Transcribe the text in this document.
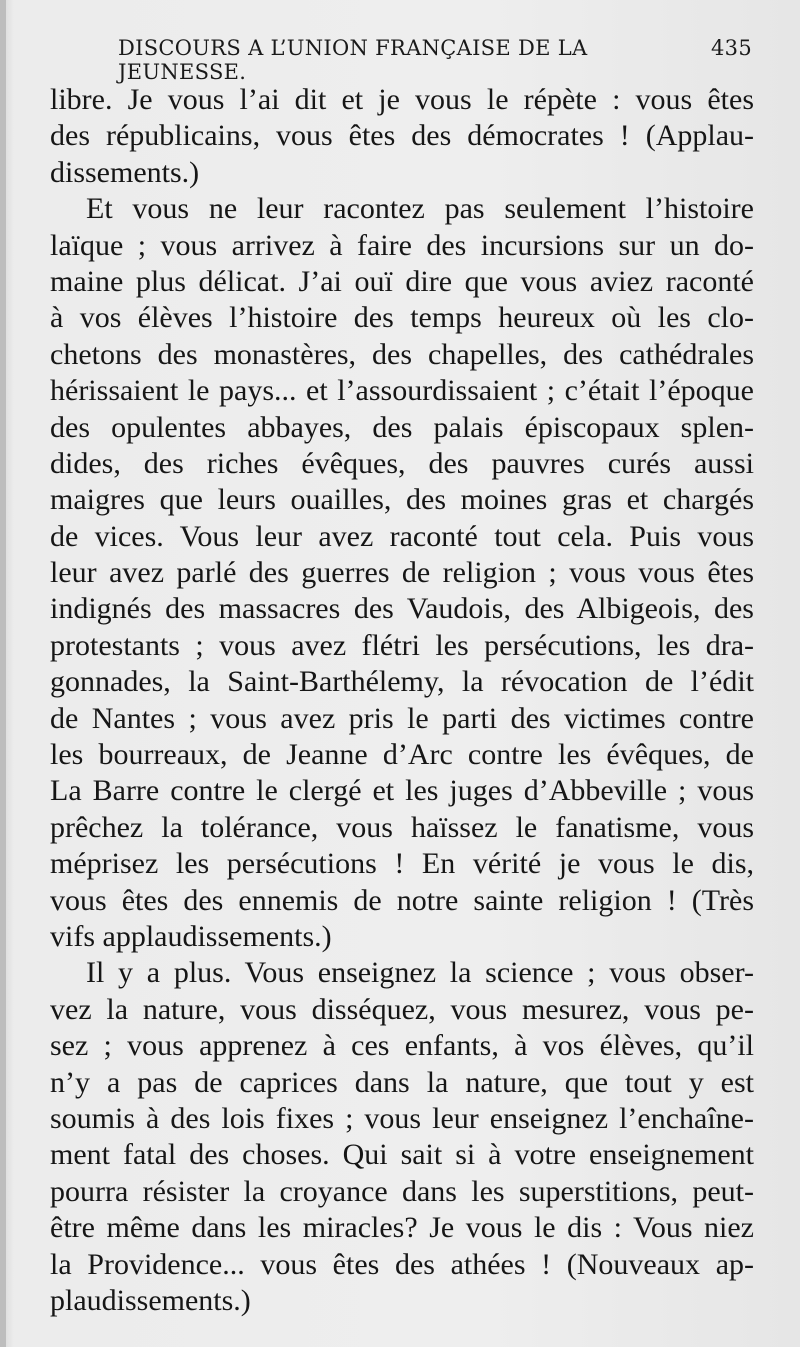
DISCOURS A L’UNION FRANÇAISE DE LA JEUNESSE.
435
libre. Je vous l’ai dit et je vous le répète : vous êtes
des républicains, vous êtes des démocrates ! (Applau-
dissements.)
Et vous ne leur racontez pas seulement l’histoire
laïque ; vous arrivez à faire des incursions sur un do-
maine plus délicat. J’ai ouï dire que vous aviez raconté
à vos élèves l’histoire des temps heureux où les clo-
chetons des monastères, des chapelles, des cathédrales
hérissaient le pays... et l’assourdissaient ; c’était l’époque
des opulentes abbayes, des palais épiscopaux splen-
dides, des riches évêques, des pauvres curés aussi
maigres que leurs ouailles, des moines gras et chargés
de vices. Vous leur avez raconté tout cela. Puis vous
leur avez parlé des guerres de religion ; vous vous êtes
indignés des massacres des Vaudois, des Albigeois, des
protestants ; vous avez flétri les persécutions, les dra-
gonnades, la Saint-Barthélemy, la révocation de l’édit
de Nantes ; vous avez pris le parti des victimes contre
les bourreaux, de Jeanne d’Arc contre les évêques, de
La Barre contre le clergé et les juges d’Abbeville ; vous
prêchez la tolérance, vous haïssez le fanatisme, vous
méprisez les persécutions ! En vérité je vous le dis,
vous êtes des ennemis de notre sainte religion ! (Très
vifs applaudissements.)
Il y a plus. Vous enseignez la science ; vous obser-
vez la nature, vous disséquez, vous mesurez, vous pe-
sez ; vous apprenez à ces enfants, à vos élèves, qu’il
n’y a pas de caprices dans la nature, que tout y est
soumis à des lois fixes ; vous leur enseignez l’enchaîne-
ment fatal des choses. Qui sait si à votre enseignement
pourra résister la croyance dans les superstitions, peut-
être même dans les miracles? Je vous le dis : Vous niez
la Providence... vous êtes des athées ! (Nouveaux ap-
plaudissements.)
